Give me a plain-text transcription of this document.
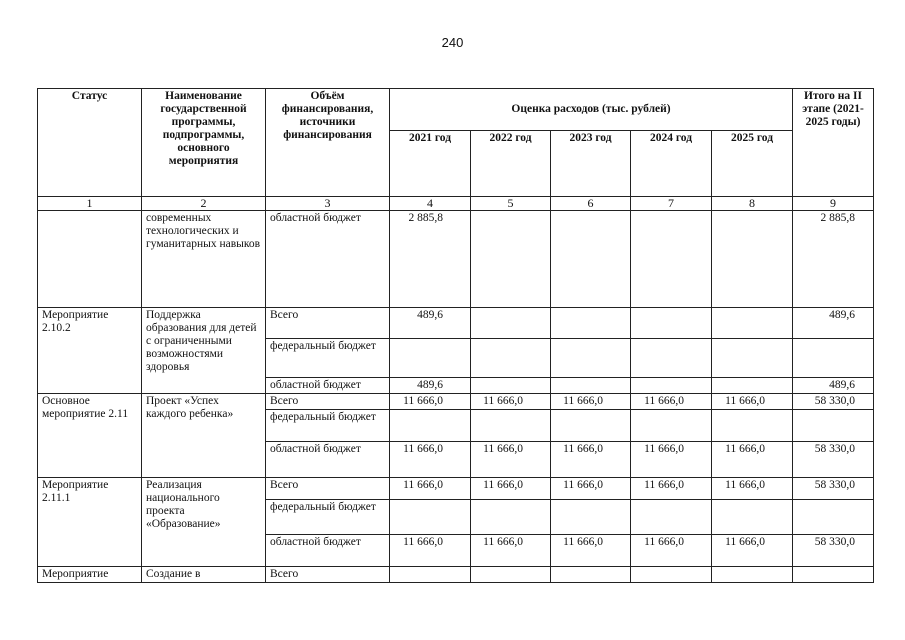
240
Статус	Наименование государственной программы, подпрограммы, основного мероприятия	Объём финансирования, источники финансирования	Оценка расходов (тыс. рублей)					Итого на II этапе (2021-2025 годы)
			2021 год	2022 год	2023 год	2024 год	2025 год	
1	2	3	4	5	6	7	8	9
	современных технологических и гуманитарных навыков	областной бюджет	2 885,8					2 885,8
Мероприятие 2.10.2	Поддержка образования для детей с ограниченными возможностями здоровья	Всего	489,6					489,6
		федеральный бюджет						
		областной бюджет	489,6					489,6
Основное мероприятие 2.11	Проект «Успех каждого ребенка»	Всего	11 666,0	11 666,0	11 666,0	11 666,0	11 666,0	58 330,0
		федеральный бюджет						
		областной бюджет	11 666,0	11 666,0	11 666,0	11 666,0	11 666,0	58 330,0
Мероприятие 2.11.1	Реализация национального проекта «Образование»	Всего	11 666,0	11 666,0	11 666,0	11 666,0	11 666,0	58 330,0
		федеральный бюджет						
		областной бюджет	11 666,0	11 666,0	11 666,0	11 666,0	11 666,0	58 330,0
Мероприятие	Создание в	Всего						
